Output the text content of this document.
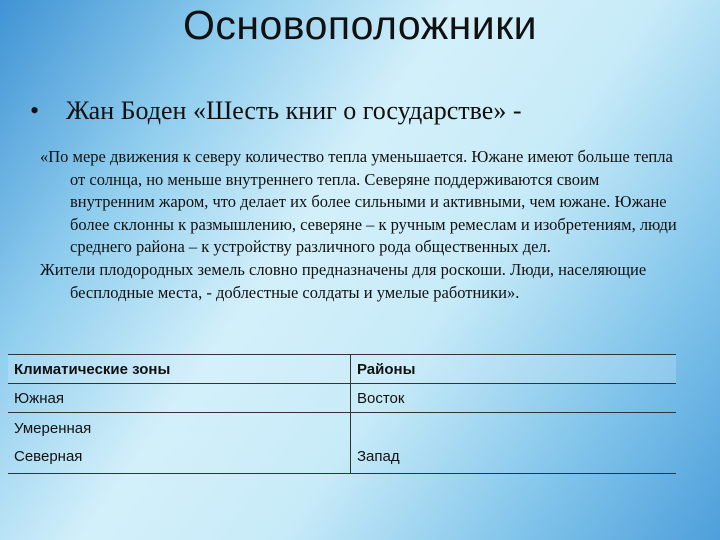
Основоположники
• Жан Боден «Шесть книг о государстве» -

«По мере движения к северу количество тепла уменьшается. Южане имеют больше тепла от солнца, но меньше внутреннего тепла. Северяне поддерживаются своим внутренним жаром, что делает их более сильными и активными, чем южане. Южане более склонны к размышлению, северяне – к ручным ремеслам и изобретениям, люди среднего района – к устройству различного рода общественных дел.

Жители плодородных земель словно предназначены для роскоши. Люди, населяющие бесплодные места, - доблестные солдаты и умелые работники».

Климатические зоны	Районы
Южная	Восток

Умеренная
Северная	Запад
